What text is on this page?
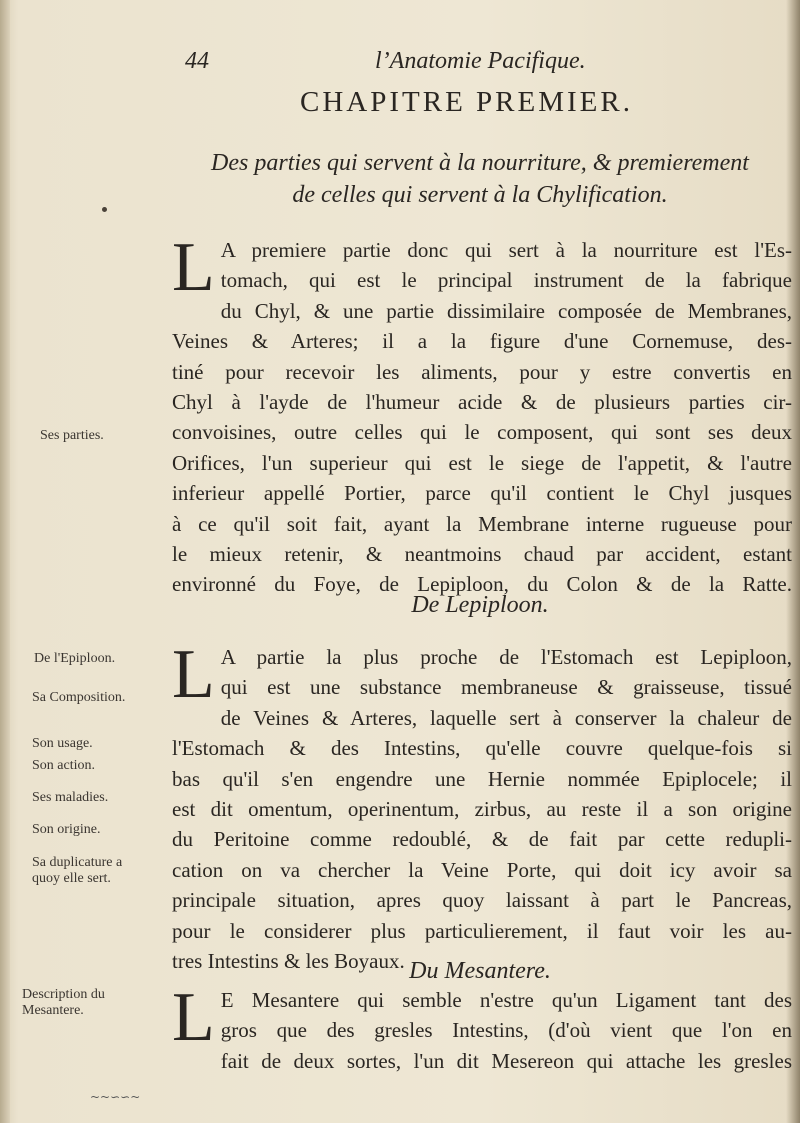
44	l’Anatomie Pacifique.
CHAPITRE PREMIER.
Des parties qui servent à la nourriture, & premierement
de celles qui servent à la Chylification.
L A premiere partie donc qui sert à la nourriture est l'Es-
tomach, qui est le principal instrument de la fabrique
du Chyl, & une partie dissimilaire composée de Membranes,
Veines & Arteres; il a la figure d'une Cornemuse, des-
tiné pour recevoir les aliments, pour y estre convertis en
Chyl à l'ayde de l'humeur acide & de plusieurs parties cir-
convoisines, outre celles qui le composent, qui sont ses deux
Orifices, l'un superieur qui est le siege de l'appetit, & l'autre
inferieur appellé Portier, parce qu'il contient le Chyl jusques
à ce qu'il soit fait, ayant la Membrane interne rugueuse pour
le mieux retenir, & neantmoins chaud par accident, estant
environné du Foye, de Lepiploon, du Colon & de la Ratte.
Ses parties.
De Lepiploon.
L A partie la plus proche de l'Estomach est Lepiploon,
qui est une substance membraneuse & graisseuse, tissué
de Veines & Arteres, laquelle sert à conserver la chaleur de
l'Estomach & des Intestins, qu'elle couvre quelque-fois si
bas qu'il s'en engendre une Hernie nommée Epiplocele; il
est dit omentum, operinentum, zirbus, au reste il a son origine
du Peritoine comme redoublé, & de fait par cette redupli-
cation on va chercher la Veine Porte, qui doit icy avoir sa
principale situation, apres quoy laissant à part le Pancreas,
pour le considerer plus particulierement, il faut voir les au-
tres Intestins & les Boyaux.
De l'Epiploon.
Sa Composition.
Son usage.
Son action.
Ses maladies.
Son origine.
Sa duplicature a quoy elle sert.
Du Mesantere.
L E Mesantere qui semble n'estre qu'un Ligament tant des
gros que des gresles Intestins, (d'où vient que l'on en
fait de deux sortes, l'un dit Mesereon qui attache les gresles
Description du Mesantere.
~~∽∽~
